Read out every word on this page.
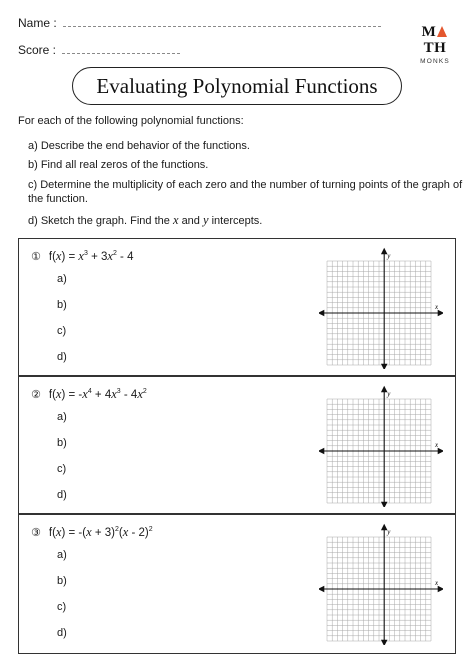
Name :
Score :
MTH
MONKS
Evaluating Polynomial Functions
For each of the following polynomial functions:
a) Describe the end behavior of the functions.
b) Find all real zeros of the functions.
c) Determine the multiplicity of each zero and the number of turning points of the graph of the function.
d) Sketch the graph. Find the x and y intercepts.
① $f(x) = x^3 + 3x^2 - 4$
a)
b)
c)
d)
x
y
② $f(x) = -x^4 + 4x^3 - 4x^2$
a)
b)
c)
d)
x
y
③ $f(x) = -(x + 3)^2(x - 2)^2$
a)
b)
c)
d)
x
y
